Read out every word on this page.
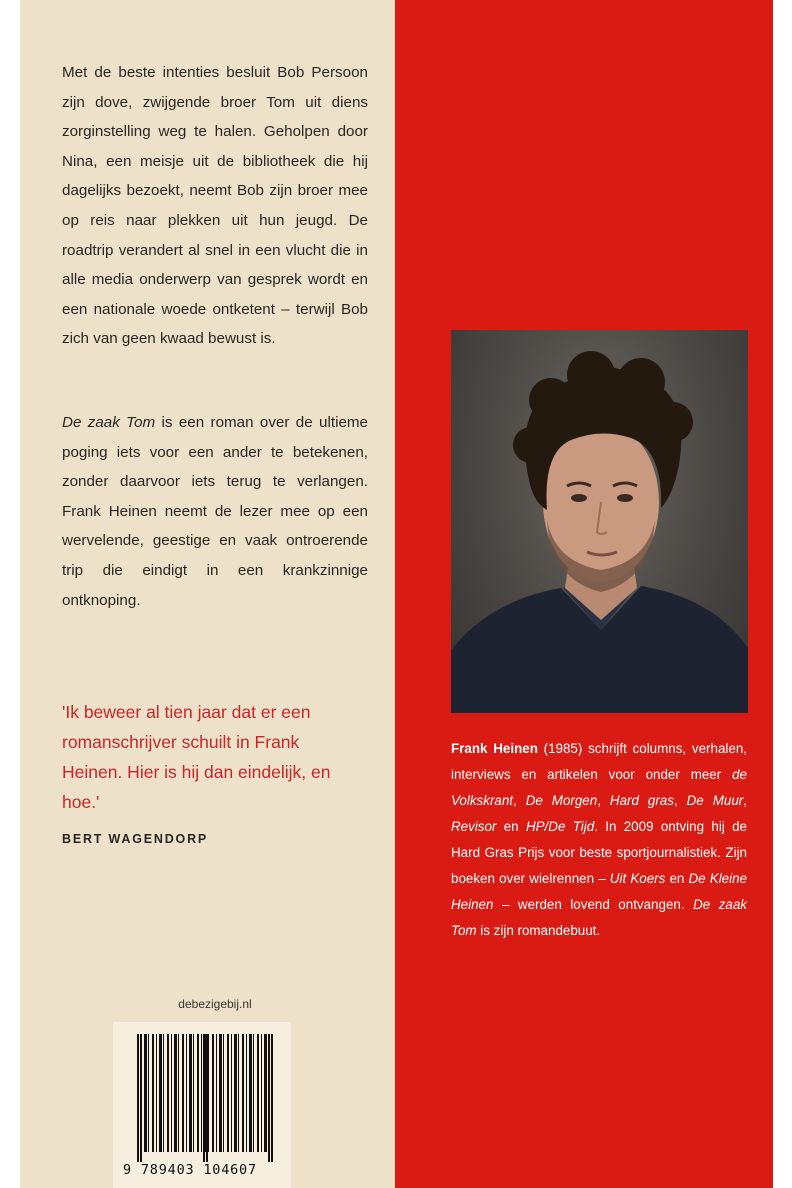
Met de beste intenties besluit Bob Persoon zijn dove, zwijgende broer Tom uit diens zorginstelling weg te halen. Geholpen door Nina, een meisje uit de bibliotheek die hij dagelijks bezoekt, neemt Bob zijn broer mee op reis naar plekken uit hun jeugd. De roadtrip verandert al snel in een vlucht die in alle media onderwerp van gesprek wordt en een nationale woede ontketent – terwijl Bob zich van geen kwaad bewust is.

De zaak Tom is een roman over de ultieme poging iets voor een ander te betekenen, zonder daarvoor iets terug te verlangen. Frank Heinen neemt de lezer mee op een wervelende, geestige en vaak ontroerende trip die eindigt in een krankzinnige ontknoping.

'Ik beweer al tien jaar dat er een romanschrijver schuilt in Frank Heinen. Hier is hij dan eindelijk, en hoe.'

BERT WAGENDORP
debezigebij.nl
9 789403 104607

Frank Heinen (1985) schrijft columns, verhalen, interviews en artikelen voor onder meer de Volkskrant, De Morgen, Hard gras, De Muur, Revisor en HP/De Tijd. In 2009 ontving hij de Hard Gras Prijs voor beste sportjournalistiek. Zijn boeken over wielrennen – Uit Koers en De Kleine Heinen – werden lovend ontvangen. De zaak Tom is zijn romandebuut.
